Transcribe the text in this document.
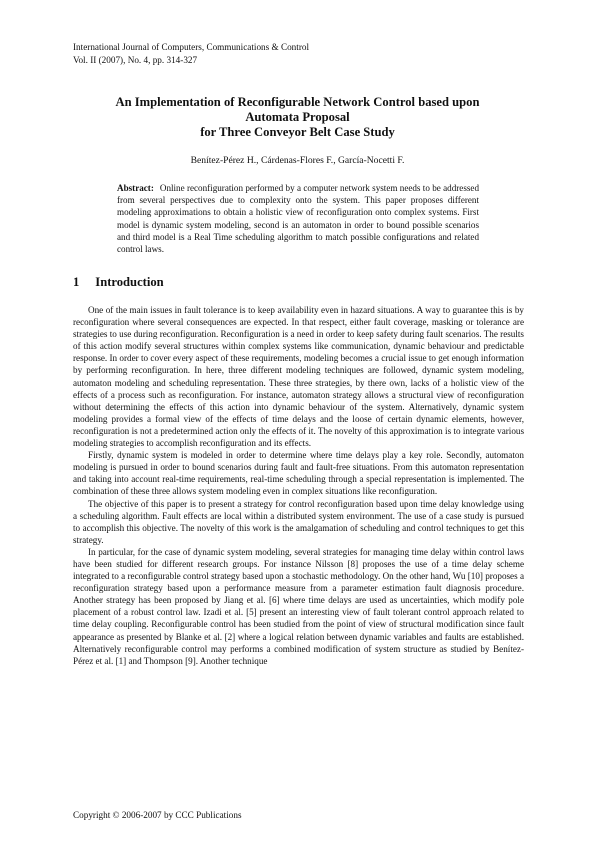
International Journal of Computers, Communications & Control
Vol. II (2007), No. 4, pp. 314-327
An Implementation of Reconfigurable Network Control based upon
Automata Proposal
for Three Conveyor Belt Case Study
Benítez-Pérez H., Cárdenas-Flores F., García-Nocetti F.
Abstract: Online reconfiguration performed by a computer network system needs to be addressed from several perspectives due to complexity onto the system. This paper proposes different modeling approximations to obtain a holistic view of reconfiguration onto complex systems. First model is dynamic system modeling, second is an automaton in order to bound possible scenarios and third model is a Real Time scheduling algorithm to match possible configurations and related control laws.
1 Introduction

One of the main issues in fault tolerance is to keep availability even in hazard situations. A way to guarantee this is by reconfiguration where several consequences are expected. In that respect, either fault coverage, masking or tolerance are strategies to use during reconfiguration. Reconfiguration is a need in order to keep safety during fault scenarios. The results of this action modify several structures within complex systems like communication, dynamic behaviour and predictable response. In order to cover every aspect of these requirements, modeling becomes a crucial issue to get enough information by performing reconfiguration. In here, three different modeling techniques are followed, dynamic system modeling, automaton modeling and scheduling representation. These three strategies, by there own, lacks of a holistic view of the effects of a process such as reconfiguration. For instance, automaton strategy allows a structural view of reconfiguration without determining the effects of this action into dynamic behaviour of the system. Alternatively, dynamic system modeling provides a formal view of the effects of time delays and the loose of certain dynamic elements, however, reconfiguration is not a predetermined action only the effects of it. The novelty of this approximation is to integrate various modeling strategies to accomplish reconfiguration and its effects.

Firstly, dynamic system is modeled in order to determine where time delays play a key role. Secondly, automaton modeling is pursued in order to bound scenarios during fault and fault-free situations. From this automaton representation and taking into account real-time requirements, real-time scheduling through a special representation is implemented. The combination of these three allows system modeling even in complex situations like reconfiguration.

The objective of this paper is to present a strategy for control reconfiguration based upon time delay knowledge using a scheduling algorithm. Fault effects are local within a distributed system environment. The use of a case study is pursued to accomplish this objective. The novelty of this work is the amalgamation of scheduling and control techniques to get this strategy.

In particular, for the case of dynamic system modeling, several strategies for managing time delay within control laws have been studied for different research groups. For instance Nilsson [8] proposes the use of a time delay scheme integrated to a reconfigurable control strategy based upon a stochastic methodology. On the other hand, Wu [10] proposes a reconfiguration strategy based upon a performance measure from a parameter estimation fault diagnosis procedure. Another strategy has been proposed by Jiang et al. [6] where time delays are used as uncertainties, which modify pole placement of a robust control law. Izadi et al. [5] present an interesting view of fault tolerant control approach related to time delay coupling. Reconfigurable control has been studied from the point of view of structural modification since fault appearance as presented by Blanke et al. [2] where a logical relation between dynamic variables and faults are established. Alternatively reconfigurable control may performs a combined modification of system structure as studied by Benítez-Pérez et al. [1] and Thompson [9]. Another technique

Copyright © 2006-2007 by CCC Publications
